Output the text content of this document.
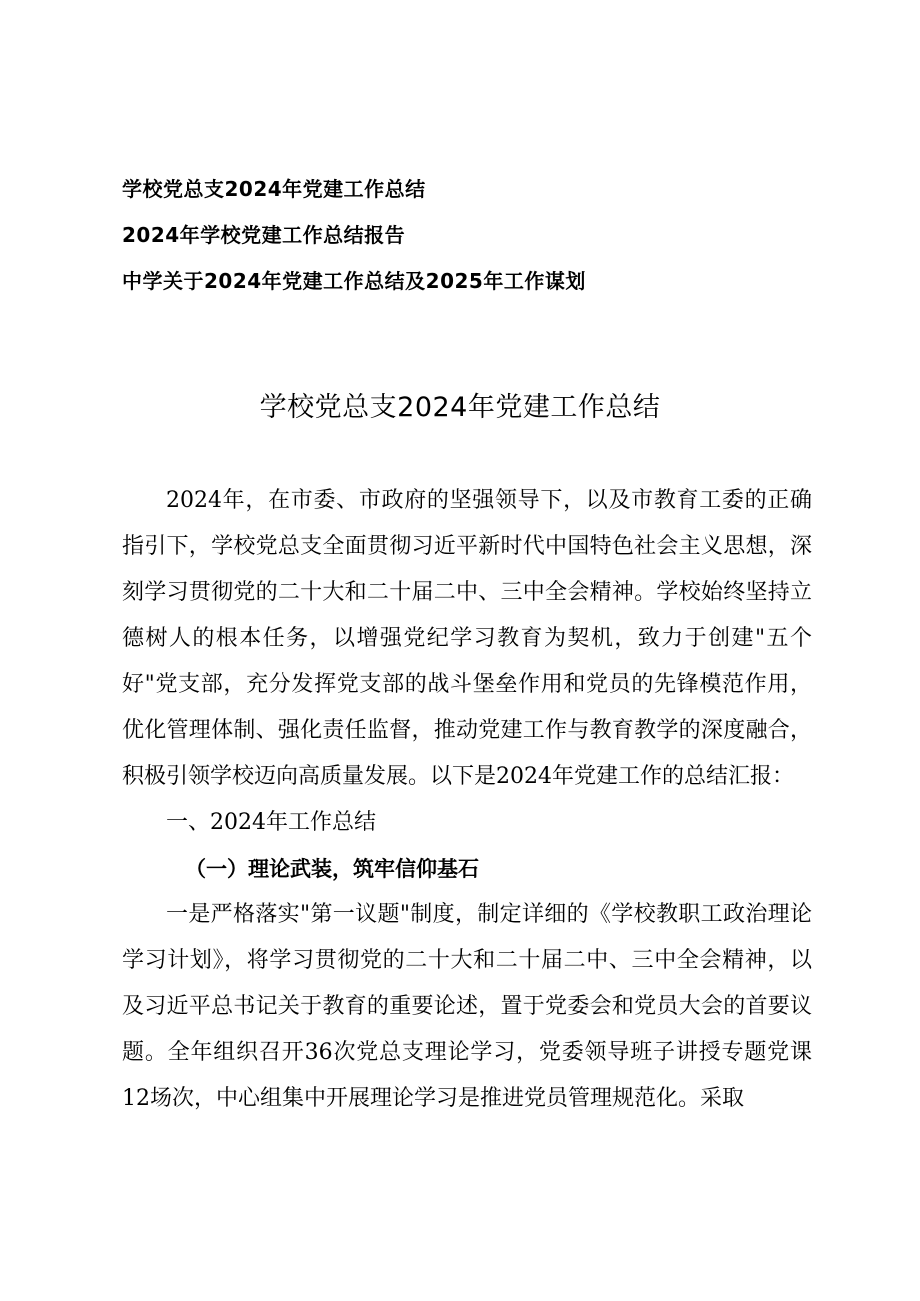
学校党总支2024年党建工作总结
2024年学校党建工作总结报告
中学关于2024年党建工作总结及2025年工作谋划
学校党总支2024年党建工作总结

2024年，在市委、市政府的坚强领导下，以及市教育工委的正确指引下，学校党总支全面贯彻习近平新时代中国特色社会主义思想，深刻学习贯彻党的二十大和二十届二中、三中全会精神。学校始终坚持立德树人的根本任务，以增强党纪学习教育为契机，致力于创建"五个好"党支部，充分发挥党支部的战斗堡垒作用和党员的先锋模范作用，优化管理体制、强化责任监督，推动党建工作与教育教学的深度融合，积极引领学校迈向高质量发展。以下是2024年党建工作的总结汇报：

一、2024年工作总结

（一）理论武装，筑牢信仰基石

一是严格落实"第一议题"制度，制定详细的《学校教职工政治理论学习计划》，将学习贯彻党的二十大和二十届二中、三中全会精神，以及习近平总书记关于教育的重要论述，置于党委会和党员大会的首要议题。全年组织召开36次党总支理论学习，党委领导班子讲授专题党课12场次，中心组集中开展理论学习是推进党员管理规范化。采取
